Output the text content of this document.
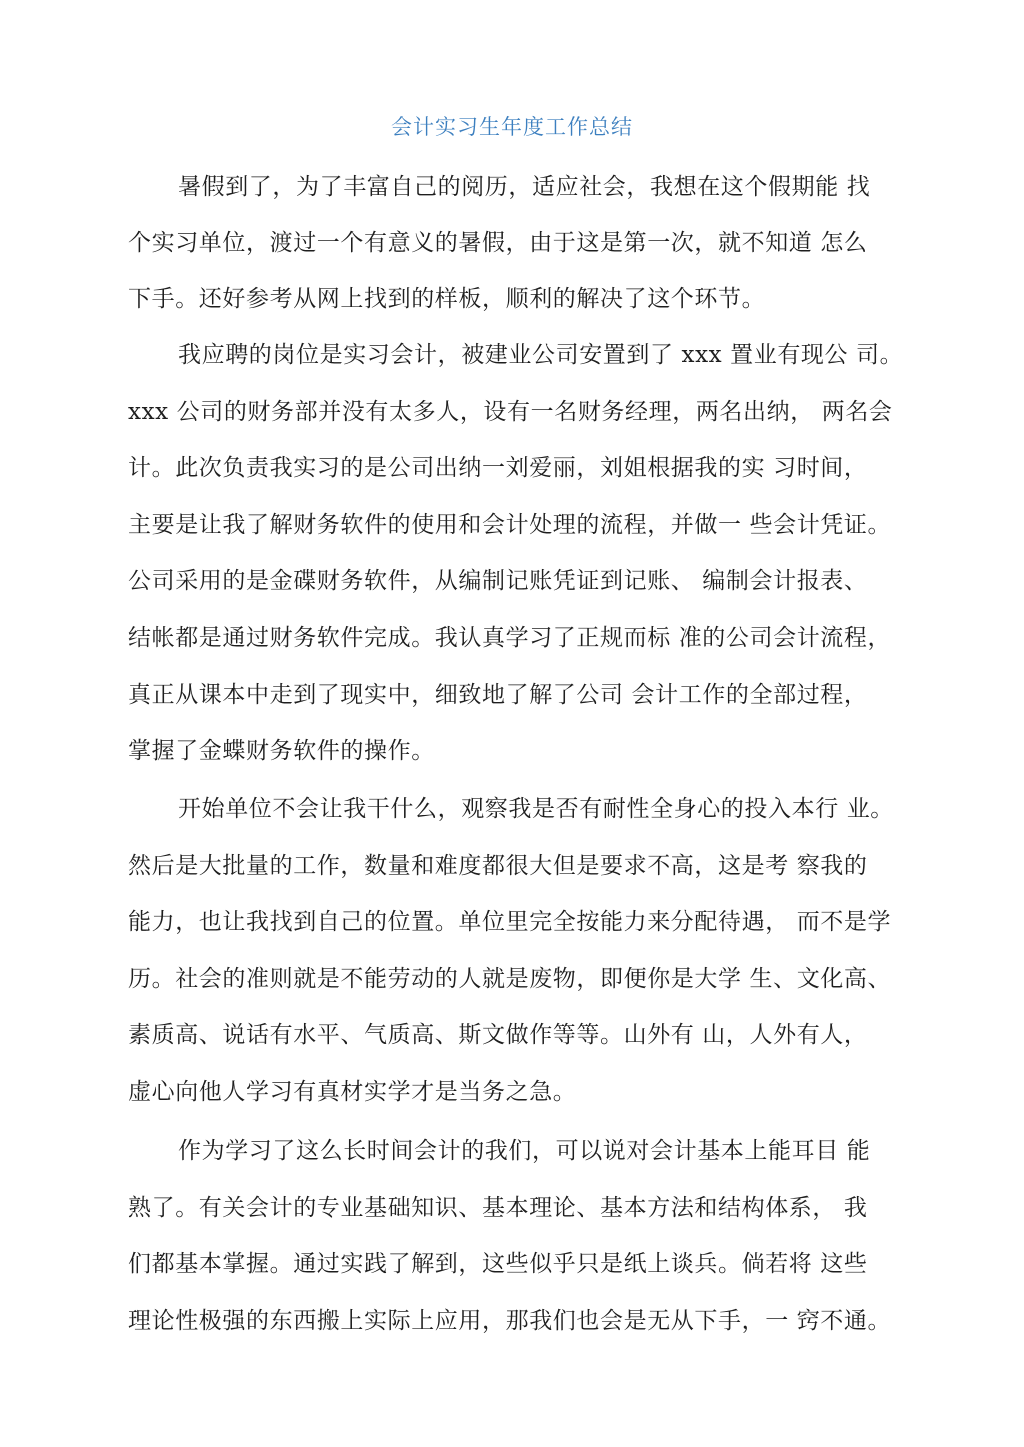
会计实习生年度工作总结
暑假到了，为了丰富自己的阅历，适应社会，我想在这个假期能 找
个实习单位，渡过一个有意义的暑假，由于这是第一次，就不知道 怎么
下手。还好参考从网上找到的样板，顺利的解决了这个环节。
我应聘的岗位是实习会计，被建业公司安置到了 xxx 置业有现公 司。
xxx 公司的财务部并没有太多人，设有一名财务经理，两名出纳， 两名会
计。此次负责我实习的是公司出纳一刘爱丽，刘姐根据我的实 习时间，
主要是让我了解财务软件的使用和会计处理的流程，并做一 些会计凭证。
公司采用的是金碟财务软件，从编制记账凭证到记账、 编制会计报表、
结帐都是通过财务软件完成。我认真学习了正规而标 准的公司会计流程，
真正从课本中走到了现实中，细致地了解了公司 会计工作的全部过程，
掌握了金蝶财务软件的操作。
开始单位不会让我干什么，观察我是否有耐性全身心的投入本行 业。
然后是大批量的工作，数量和难度都很大但是要求不高，这是考 察我的
能力，也让我找到自己的位置。单位里完全按能力来分配待遇， 而不是学
历。社会的准则就是不能劳动的人就是废物，即便你是大学 生、文化高、
素质高、说话有水平、气质高、斯文做作等等。山外有 山，人外有人，
虚心向他人学习有真材实学才是当务之急。
作为学习了这么长时间会计的我们，可以说对会计基本上能耳目 能
熟了。有关会计的专业基础知识、基本理论、基本方法和结构体系， 我
们都基本掌握。通过实践了解到，这些似乎只是纸上谈兵。倘若将 这些
理论性极强的东西搬上实际上应用，那我们也会是无从下手，一 窍不通。
